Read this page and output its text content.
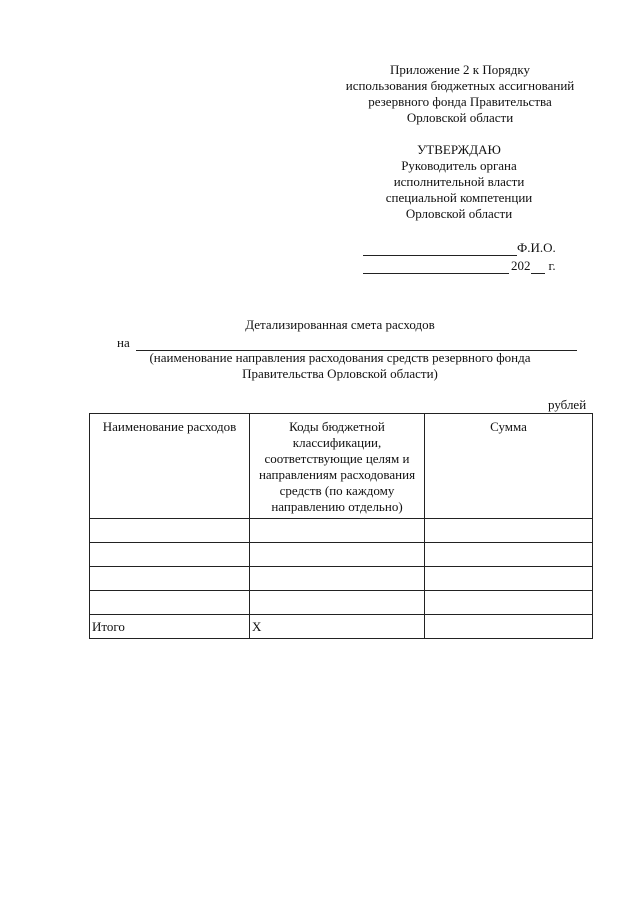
Приложение 2 к Порядку
использования бюджетных ассигнований
резервного фонда Правительства
Орловской области
УТВЕРЖДАЮ
Руководитель органа
исполнительной власти
специальной компетенции
Орловской области
Ф.И.О.
202 г.
Детализированная смета расходов
на
(наименование направления расходования средств резервного фонда
Правительства Орловской области)
рублей
Наименование расходов	Коды бюджетной классификации, соответствующие целям и направлениям расходования средств (по каждому направлению отдельно)	Сумма

Итого	X	
